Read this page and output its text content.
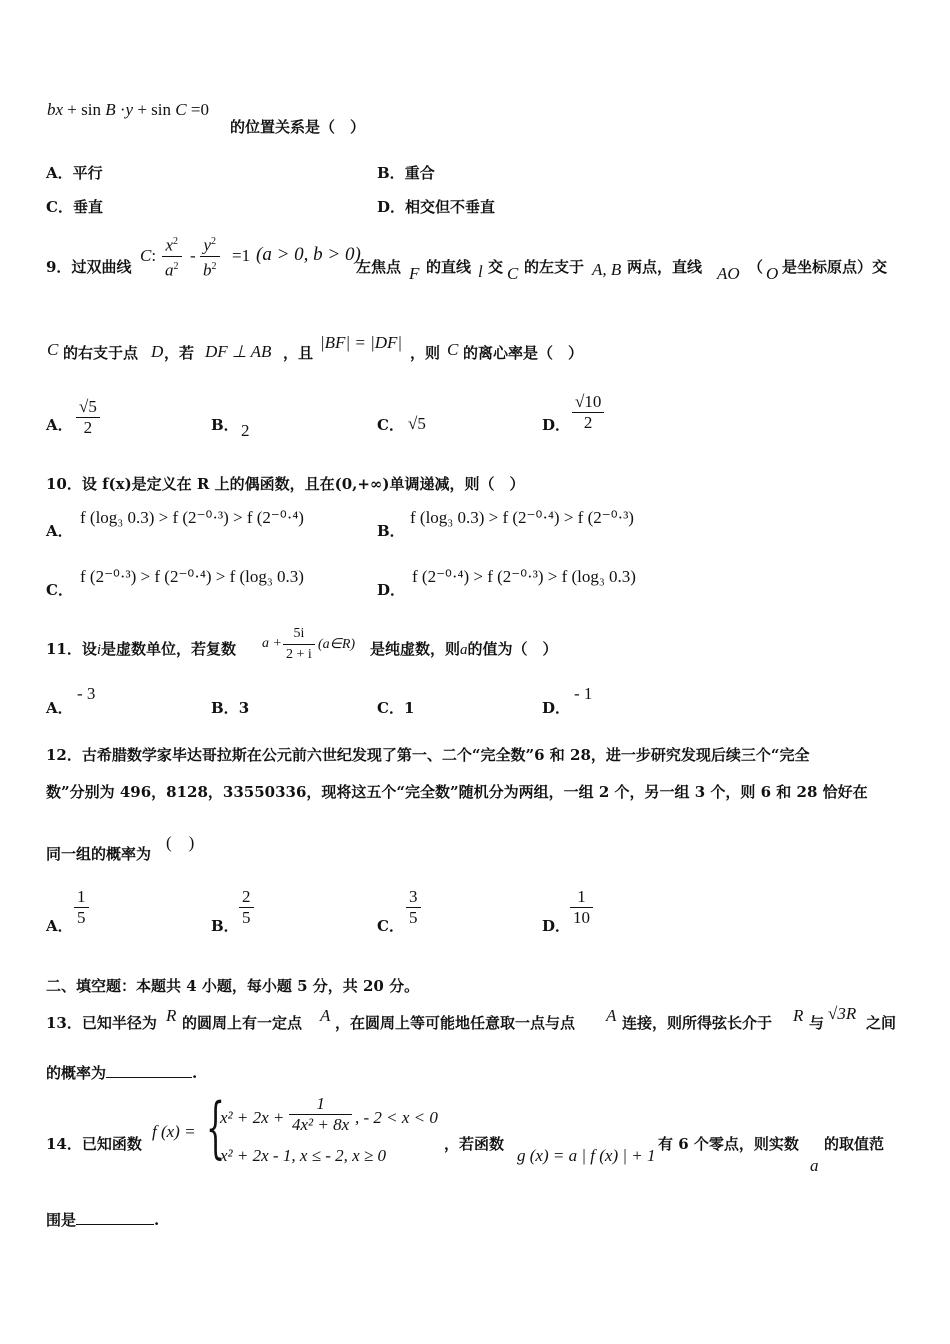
bx + sin B ·y + sin C =0
的位置关系是（　）
A．平行	B．重合
C．垂直	D．相交但不垂直
9．过双曲线
C: $\frac{x^2}{a^2} - \frac{y^2}{b^2} =1$ (a > 0, b > 0)
左焦点 F 的直线 l 交 C 的左支于 A, B 两点，直线 AO （ O 是坐标原点）交
C 的右支于点 D ，若 DF ⊥ AB ，且
|BF| = |DF|
，则 C 的离心率是（　）
A． $\frac{√5}{2}$	B． 2	C． √5	D． $\frac{√10}{2}$
10．设 f(x)是定义在 R 上的偶函数，且在(0,+∞)单调递减，则（　）
A．
f (log₃ 0.3) > f (2⁻⁰·³) > f (2⁻⁰·⁴)
B．
f (log₃ 0.3) > f (2⁻⁰·⁴) > f (2⁻⁰·³)
C．
f (2⁻⁰·³) > f (2⁻⁰·⁴) > f (log₃ 0.3)
D．
f (2⁻⁰·⁴) > f (2⁻⁰·³) > f (log₃ 0.3)
11．设i是虚数单位，若复数 $a + \frac{5i}{2 + i}$ (a∈R) 是纯虚数，则a的值为（　）
A．
- 3
B．3	C．1	D．
- 1
12．古希腊数学家毕达哥拉斯在公元前六世纪发现了第一、二个“完全数”6 和 28，进一步研究发现后续三个“完全
数”分别为 496，8128，33550336，现将这五个“完全数”随机分为两组，一组 2 个，另一组 3 个，则 6 和 28 恰好在
同一组的概率为
(　)
A． $\frac{1}{5}$	B． $\frac{2}{5}$	C． $\frac{3}{5}$	D． $\frac{1}{10}$
二、填空题：本题共 4 小题，每小题 5 分，共 20 分。
13．已知半径为 R 的圆周上有一定点 A ，在圆周上等可能地任意取一点与点 A 连接，则所得弦长介于 R 与 √3R 之间
的概率为	.
14．已知函数
f (x) = {
$x^2 + 2x + \frac{1}{\text{4x² + 8x}}$ , - 2 < x < 0
x² + 2x - 1, x ≤ - 2, x ≥ 0
，若函数
g (x) = a | f (x) | + 1
有 6 个零点，则实数
a
的取值范
围是	.
